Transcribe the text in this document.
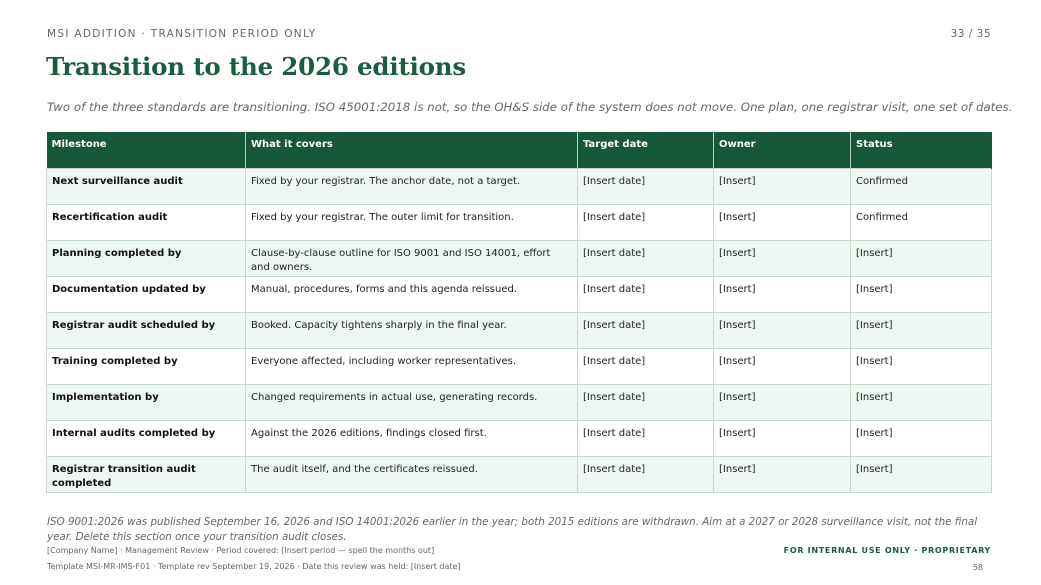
MSI ADDITION · TRANSITION PERIOD ONLY	33 / 35
Transition to the 2026 editions

Two of the three standards are transitioning. ISO 45001:2018 is not, so the OH&S side of the system does not move. One plan, one registrar visit, one set of dates.

Milestone	What it covers	Target date	Owner	Status
Next surveillance audit	Fixed by your registrar. The anchor date, not a target.	[Insert date]	[Insert]	Confirmed
Recertification audit	Fixed by your registrar. The outer limit for transition.	[Insert date]	[Insert]	Confirmed
Planning completed by	Clause-by-clause outline for ISO 9001 and ISO 14001, effort and owners.	[Insert date]	[Insert]	[Insert]
Documentation updated by	Manual, procedures, forms and this agenda reissued.	[Insert date]	[Insert]	[Insert]
Registrar audit scheduled by	Booked. Capacity tightens sharply in the final year.	[Insert date]	[Insert]	[Insert]
Training completed by	Everyone affected, including worker representatives.	[Insert date]	[Insert]	[Insert]
Implementation by	Changed requirements in actual use, generating records.	[Insert date]	[Insert]	[Insert]
Internal audits completed by	Against the 2026 editions, findings closed first.	[Insert date]	[Insert]	[Insert]
Registrar transition audit completed	The audit itself, and the certificates reissued.	[Insert date]	[Insert]	[Insert]

ISO 9001:2026 was published September 16, 2026 and ISO 14001:2026 earlier in the year; both 2015 editions are withdrawn. Aim at a 2027 or 2028 surveillance visit, not the final year. Delete this section once your transition audit closes.

[Company Name] · Management Review · Period covered: [Insert period — spell the months out]
Template MSI-MR-IMS-F01 · Template rev September 19, 2026 · Date this review was held: [Insert date]
FOR INTERNAL USE ONLY · PROPRIETARY
58
